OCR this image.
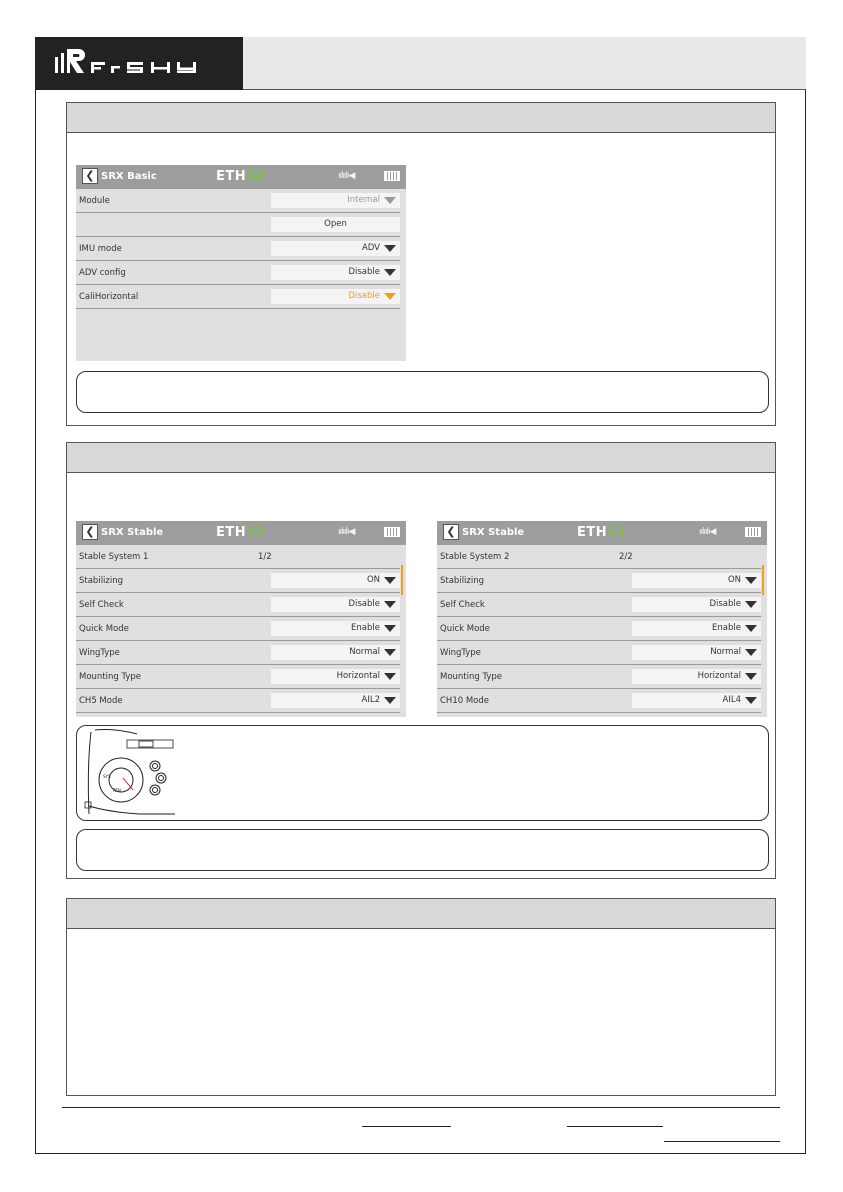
❮ SRX Basic	ETH12	ıılıılı◀
Module	Internal
Open
IMU mode	ADV
ADV config	Disable
CaliHorizontal	Disable
❮ SRX Stable	ETH12	ıılıılı◀
Stable System 1	1/2
Stabilizing	ON
Self Check	Disable
Quick Mode	Enable
WingType	Normal
Mounting Type	Horizontal
CH5 Mode	AIL2
❮ SRX Stable	ETH12	ıılıılı◀
Stable System 2	2/2
Stabilizing	ON
Self Check	Disable
Quick Mode	Enable
WingType	Normal
Mounting Type	Horizontal
CH10 Mode	AIL4
SYS
RTN
